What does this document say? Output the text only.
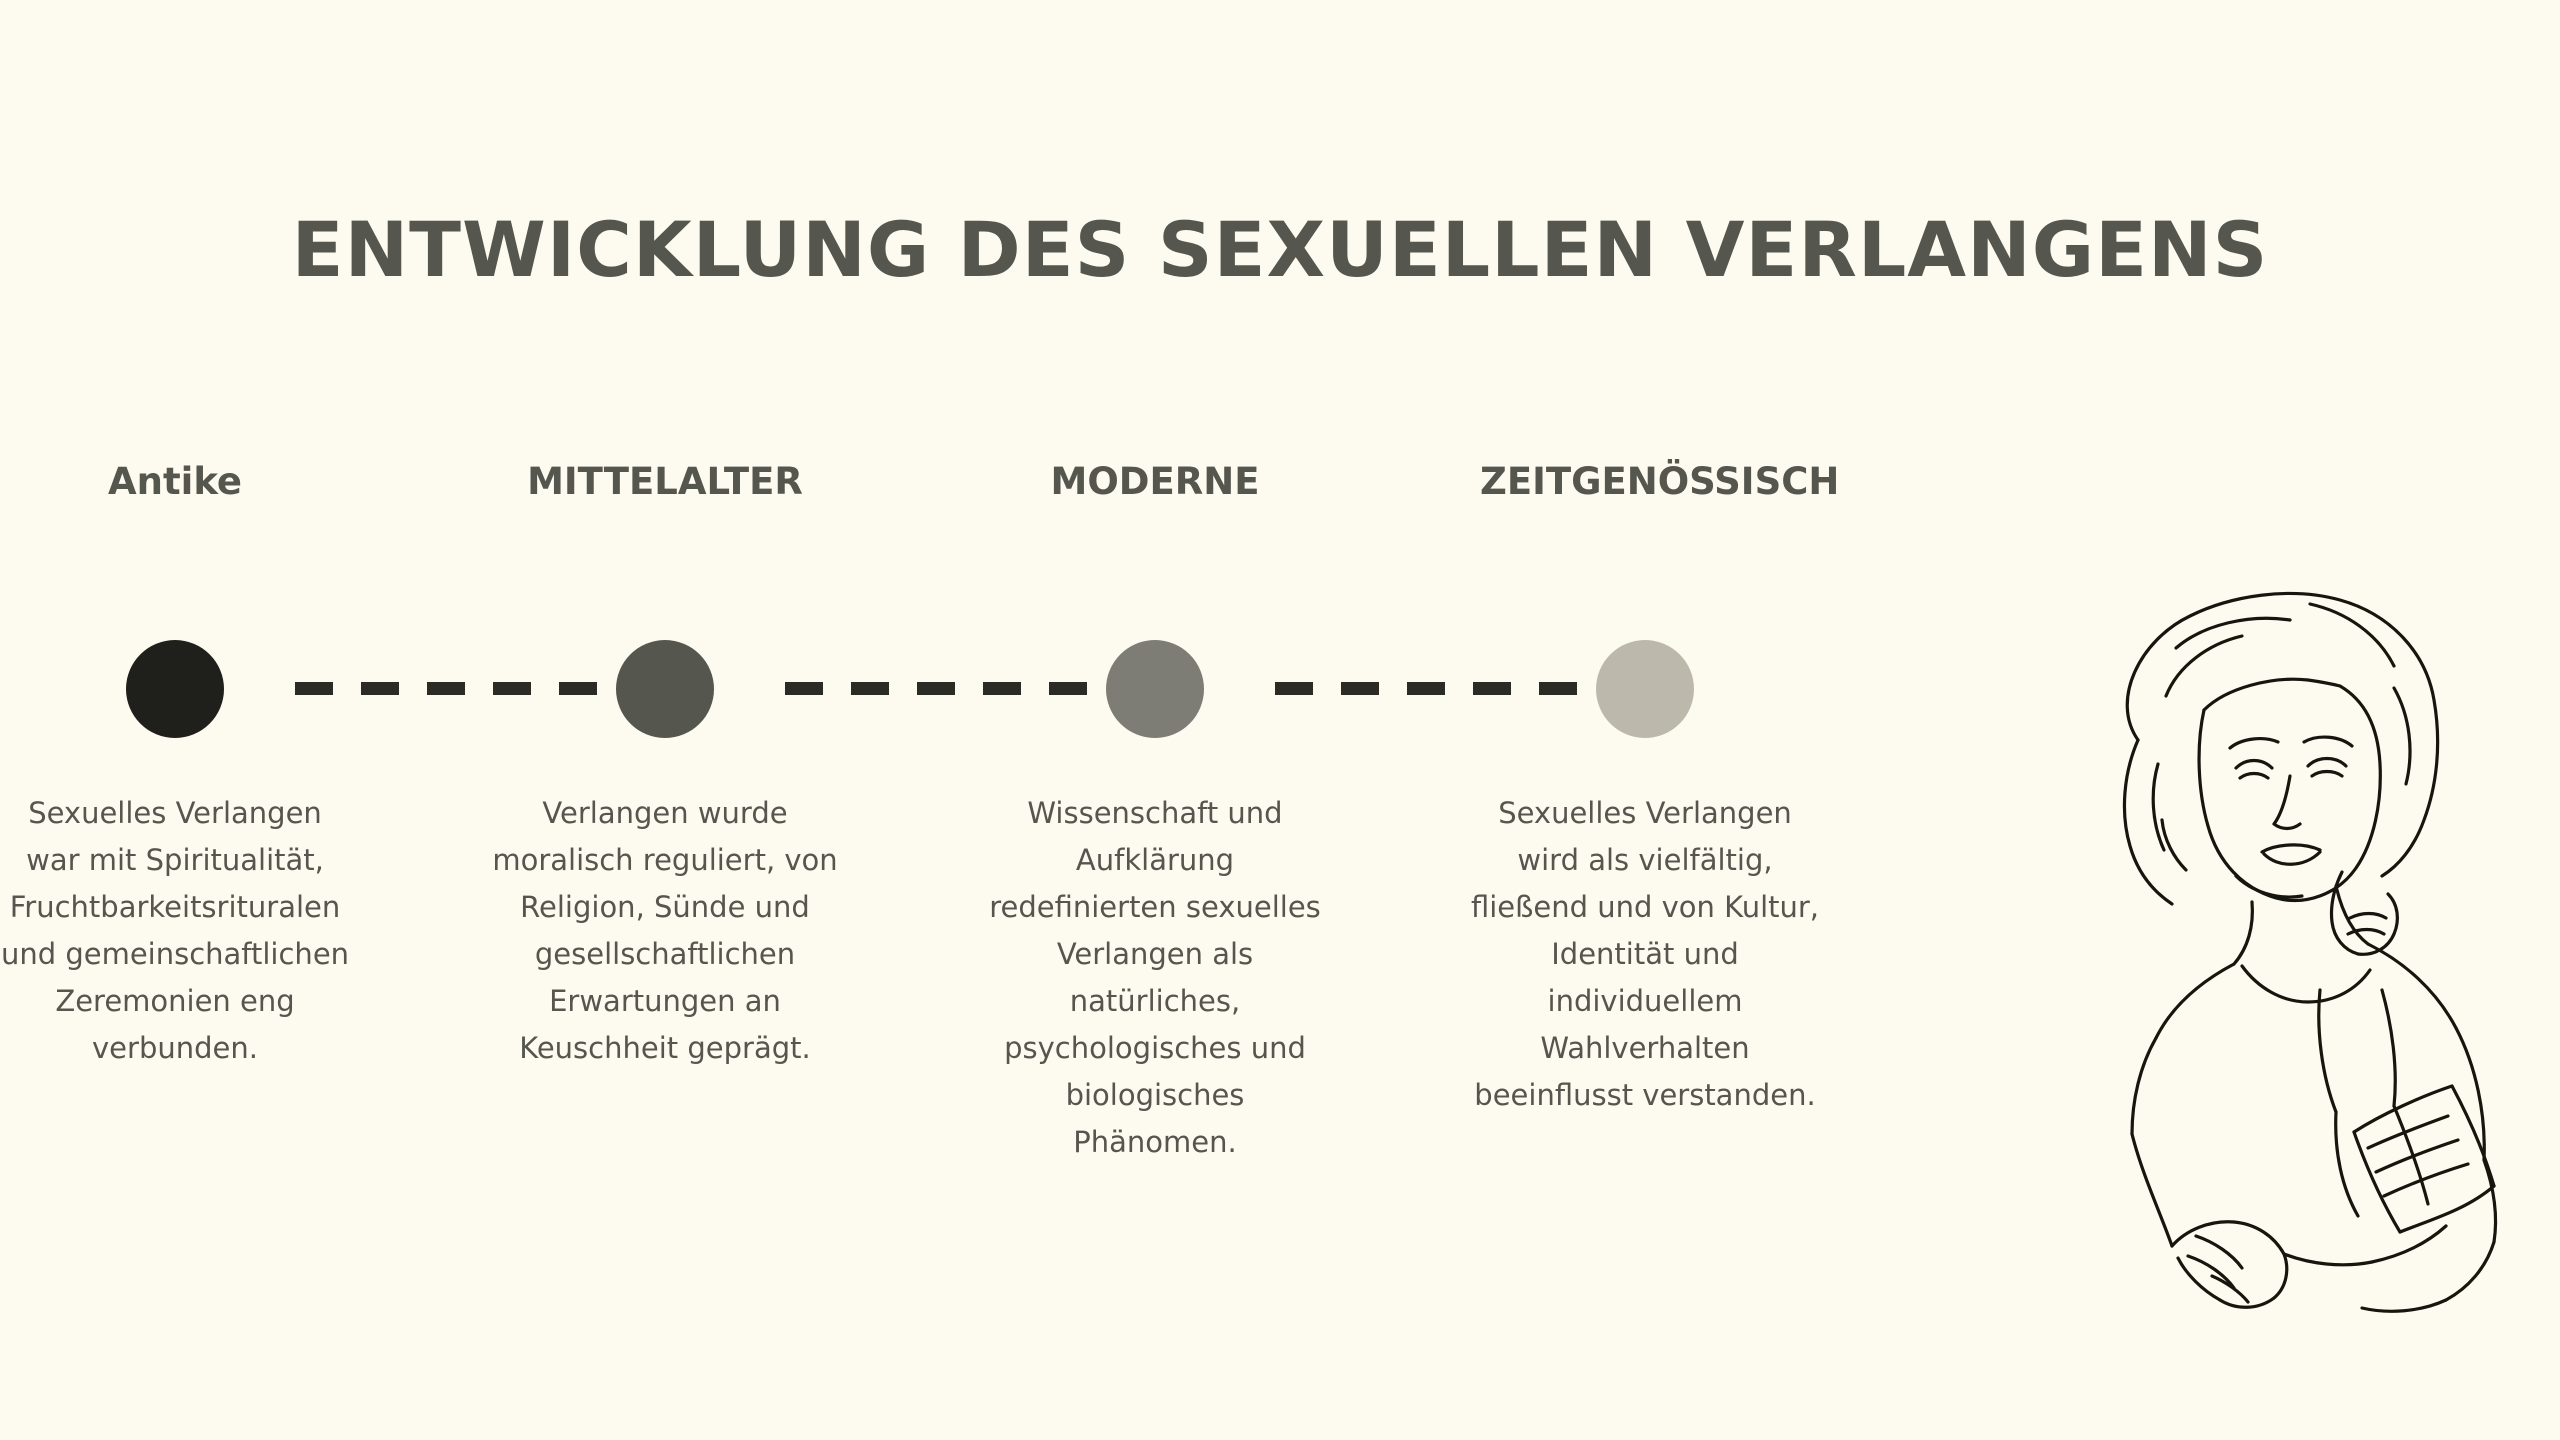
ENTWICKLUNG DES SEXUELLEN VERLANGENS
Antike
Sexuelles Verlangen war mit Spiritualität, Fruchtbarkeitsrituralen und gemeinschaftlichen Zeremonien eng verbunden.
MITTELALTER
Verlangen wurde moralisch reguliert, von Religion, Sünde und gesellschaftlichen Erwartungen an Keuschheit geprägt.
MODERNE
Wissenschaft und Aufklärung redefinierten sexuelles Verlangen als natürliches, psychologisches und biologisches Phänomen.
ZEITGENÖSSISCH
Sexuelles Verlangen wird als vielfältig, fließend und von Kultur, Identität und individuellem Wahlverhalten beeinflusst verstanden.
